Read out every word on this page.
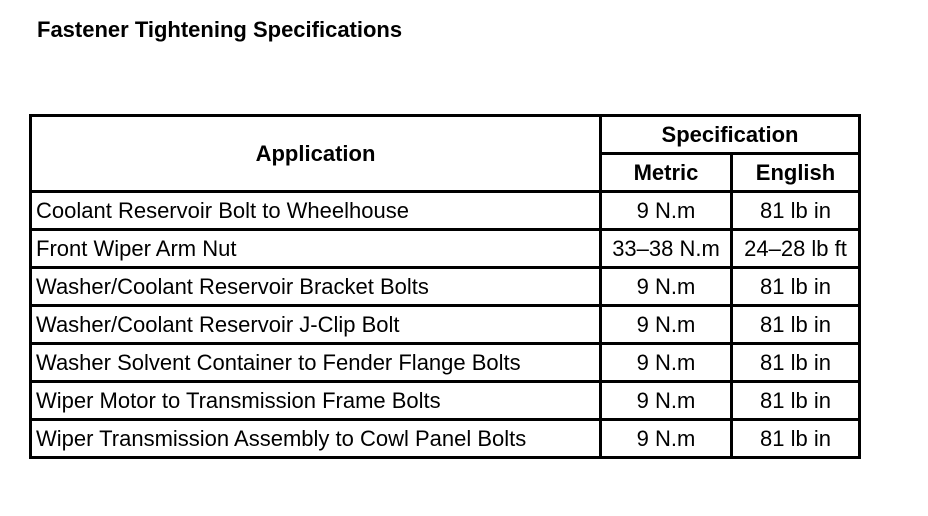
Fastener Tightening Specifications
Application	Specification	
	Metric	English
Coolant Reservoir Bolt to Wheelhouse	9 N.m	81 lb in
Front Wiper Arm Nut	33–38 N.m	24–28 lb ft
Washer/Coolant Reservoir Bracket Bolts	9 N.m	81 lb in
Washer/Coolant Reservoir J-Clip Bolt	9 N.m	81 lb in
Washer Solvent Container to Fender Flange Bolts	9 N.m	81 lb in
Wiper Motor to Transmission Frame Bolts	9 N.m	81 lb in
Wiper Transmission Assembly to Cowl Panel Bolts	9 N.m	81 lb in
